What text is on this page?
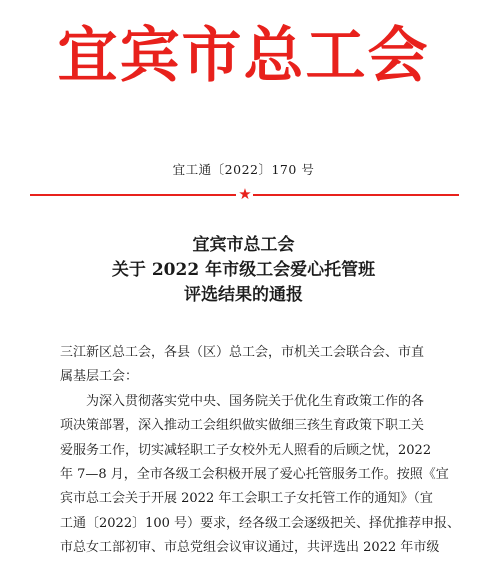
宜宾市总工会
宜工通〔2022〕170 号
★
宜宾市总工会
关于 2022 年市级工会爱心托管班
评选结果的通报
三江新区总工会，各县（区）总工会，市机关工会联合会、市直
属基层工会：
为深入贯彻落实党中央、国务院关于优化生育政策工作的各
项决策部署，深入推动工会组织做实做细三孩生育政策下职工关
爱服务工作，切实减轻职工子女校外无人照看的后顾之忧，2022
年 7—8 月，全市各级工会积极开展了爱心托管服务工作。按照《宜
宾市总工会关于开展 2022 年工会职工子女托管工作的通知》（宜
工通〔2022〕100 号）要求，经各级工会逐级把关、择优推荐申报、
市总女工部初审、市总党组会议审议通过，共评选出 2022 年市级
